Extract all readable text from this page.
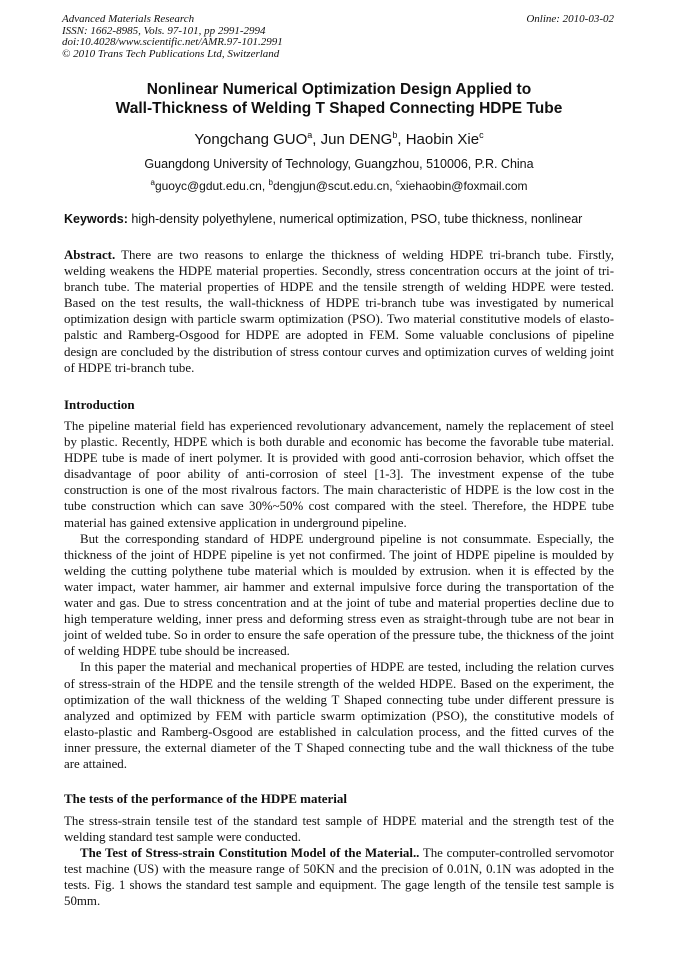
Advanced Materials Research
ISSN: 1662-8985, Vols. 97-101, pp 2991-2994
doi:10.4028/www.scientific.net/AMR.97-101.2991
© 2010 Trans Tech Publications Ltd, Switzerland
Online: 2010-03-02
Nonlinear Numerical Optimization Design Applied to
Wall-Thickness of Welding T Shaped Connecting HDPE Tube
Yongchang GUO$^a$, Jun DENG$^b$, Haobin Xie$^c$
Guangdong University of Technology, Guangzhou, 510006, P.R. China
$^a$guoyc@gdut.edu.cn, $^b$dengjun@scut.edu.cn, $^c$xiehaobin@foxmail.com
Keywords: high-density polyethylene, numerical optimization, PSO, tube thickness, nonlinear

Abstract. There are two reasons to enlarge the thickness of welding HDPE tri-branch tube. Firstly, welding weakens the HDPE material properties. Secondly, stress concentration occurs at the joint of tri-branch tube. The material properties of HDPE and the tensile strength of welding HDPE were tested. Based on the test results, the wall-thickness of HDPE tri-branch tube was investigated by numerical optimization design with particle swarm optimization (PSO). Two material constitutive models of elasto-palstic and Ramberg-Osgood for HDPE are adopted in FEM. Some valuable conclusions of pipeline design are concluded by the distribution of stress contour curves and optimization curves of welding joint of HDPE tri-branch tube.

Introduction

The pipeline material field has experienced revolutionary advancement, namely the replacement of steel by plastic. Recently, HDPE which is both durable and economic has become the favorable tube material. HDPE tube is made of inert polymer. It is provided with good anti-corrosion behavior, which offset the disadvantage of poor ability of anti-corrosion of steel [1-3]. The investment expense of the tube construction is one of the most rivalrous factors. The main characteristic of HDPE is the low cost in the tube construction which can save 30%~50% cost compared with the steel. Therefore, the HDPE tube material has gained extensive application in underground pipeline.

But the corresponding standard of HDPE underground pipeline is not consummate. Especially, the thickness of the joint of HDPE pipeline is yet not confirmed. The joint of HDPE pipeline is moulded by welding the cutting polythene tube material which is moulded by extrusion. when it is effected by the water impact, water hammer, air hammer and external impulsive force during the transportation of the water and gas. Due to stress concentration and at the joint of tube and material properties decline due to high temperature welding, inner press and deforming stress even as straight-through tube are not bear in joint of welded tube. So in order to ensure the safe operation of the pressure tube, the thickness of the joint of welding HDPE tube should be increased.

In this paper the material and mechanical properties of HDPE are tested, including the relation curves of stress-strain of the HDPE and the tensile strength of the welded HDPE. Based on the experiment, the optimization of the wall thickness of the welding T Shaped connecting tube under different pressure is analyzed and optimized by FEM with particle swarm optimization (PSO), the constitutive models of elasto-plastic and Ramberg-Osgood are established in calculation process, and the fitted curves of the inner pressure, the external diameter of the T Shaped connecting tube and the wall thickness of the tube are attained.

The tests of the performance of the HDPE material

The stress-strain tensile test of the standard test sample of HDPE material and the strength test of the welding standard test sample were conducted.

The Test of Stress-strain Constitution Model of the Material.. The computer-controlled servomotor test machine (US) with the measure range of 50KN and the precision of 0.01N, 0.1N was adopted in the tests. Fig. 1 shows the standard test sample and equipment. The gage length of the tensile test sample is 50mm.
